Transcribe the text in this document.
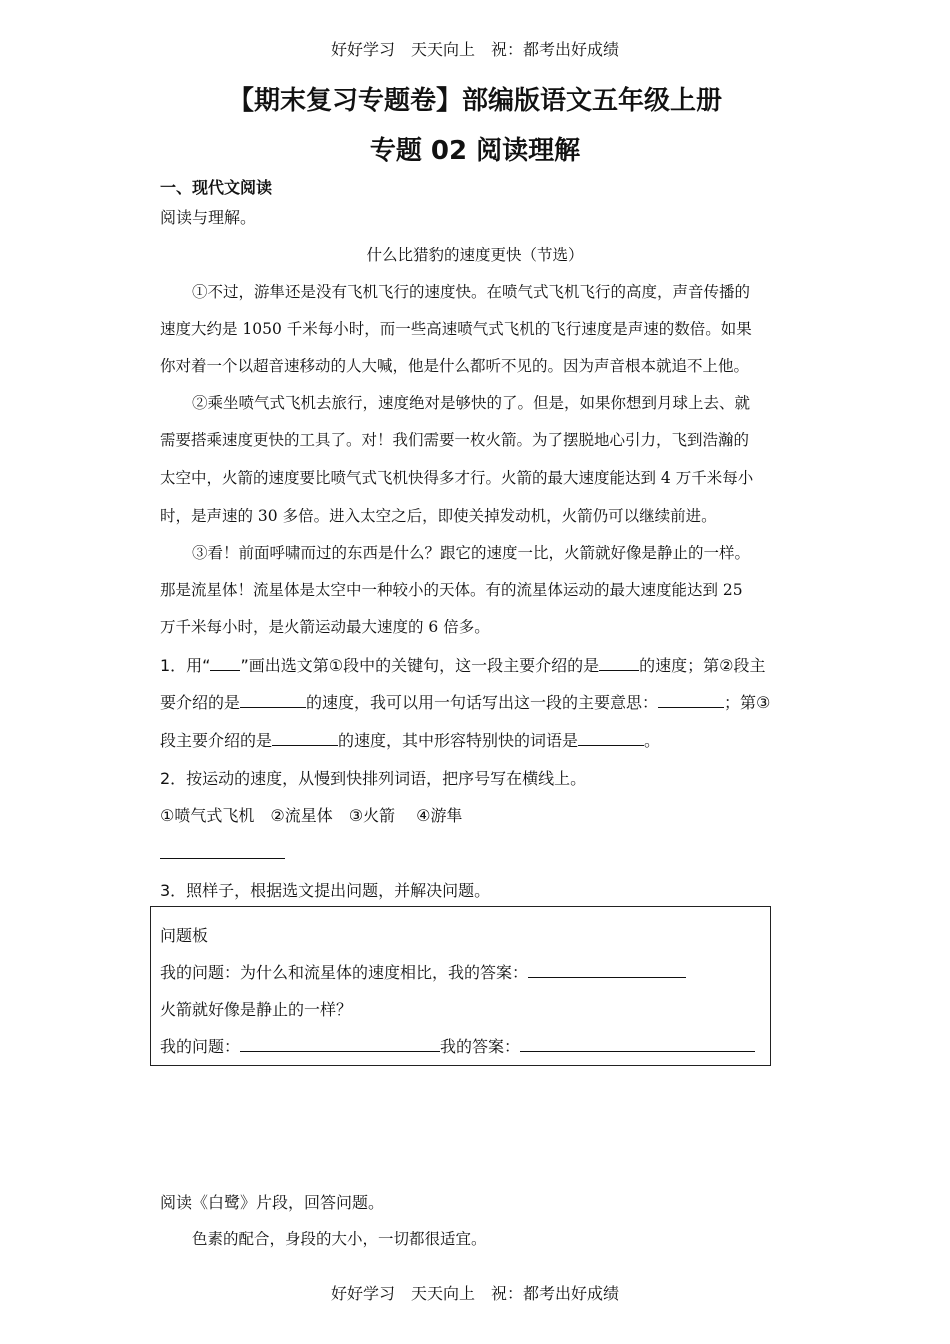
好好学习　天天向上　祝：都考出好成绩
【期末复习专题卷】部编版语文五年级上册
专题 02 阅读理解
一、现代文阅读
阅读与理解。
什么比猎豹的速度更快（节选）
①不过，游隼还是没有飞机飞行的速度快。在喷气式飞机飞行的高度，声音传播的
速度大约是 1050 千米每小时，而一些高速喷气式飞机的飞行速度是声速的数倍。如果
你对着一个以超音速移动的人大喊，他是什么都听不见的。因为声音根本就追不上他。
②乘坐喷气式飞机去旅行，速度绝对是够快的了。但是，如果你想到月球上去、就
需要搭乘速度更快的工具了。对！我们需要一枚火箭。为了摆脱地心引力，飞到浩瀚的
太空中，火箭的速度要比喷气式飞机快得多才行。火箭的最大速度能达到 4 万千米每小
时，是声速的 30 多倍。进入太空之后，即使关掉发动机，火箭仍可以继续前进。
③看！前面呼啸而过的东西是什么？跟它的速度一比，火箭就好像是静止的一样。
那是流星体！流星体是太空中一种较小的天体。有的流星体运动的最大速度能达到 25
万千米每小时，是火箭运动最大速度的 6 倍多。
1．用“ ”画出选文第①段中的关键句，这一段主要介绍的是	的速度；第②段主
要介绍的是	的速度，我可以用一句话写出这一段的主要意思：	；第③
段主要介绍的是	的速度，其中形容特别快的词语是	。
2．按运动的速度，从慢到快排列词语，把序号写在横线上。
①喷气式飞机　②流星体　③火箭　 ④游隼
3．照样子，根据选文提出问题，并解决问题。
问题板
我的问题：为什么和流星体的速度相比，我的答案：
火箭就好像是静止的一样？
我的问题：	我的答案：
阅读《白鹭》片段，回答问题。
色素的配合，身段的大小，一切都很适宜。
好好学习　天天向上　祝：都考出好成绩
